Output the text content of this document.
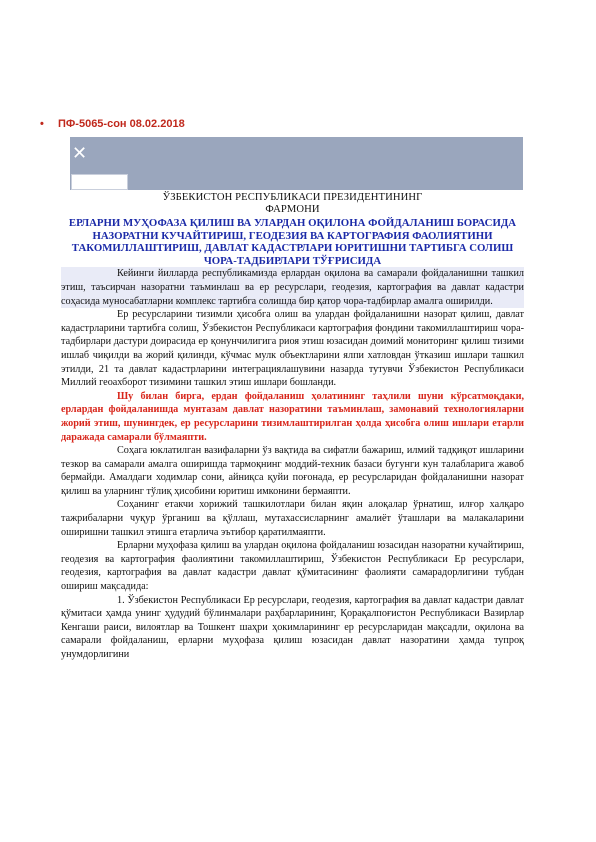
• ПФ-5065-сон 08.02.2018
✕
ЎЗБЕКИСТОН РЕСПУБЛИКАСИ ПРЕЗИДЕНТИНИНГ
ФАРМОНИ
ЕРЛАРНИ МУҲОФАЗА ҚИЛИШ ВА УЛАРДАН ОҚИЛОНА ФОЙДАЛАНИШ БОРАСИДА НАЗОРАТНИ КУЧАЙТИРИШ, ГЕОДЕЗИЯ ВА КАРТОГРАФИЯ ФАОЛИЯТИНИ ТАКОМИЛЛАШТИРИШ, ДАВЛАТ КАДАСТРЛАРИ ЮРИТИШНИ ТАРТИБГА СОЛИШ ЧОРА-ТАДБИРЛАРИ ТЎҒРИСИДА

Кейинги йилларда республикамизда ерлардан оқилона ва самарали фойдаланишни ташкил этиш, таъсирчан назоратни таъминлаш ва ер ресурслари, геодезия, картография ва давлат кадастри соҳасида муносабатларни комплекс тартибга солишда бир қатор чора-тадбирлар амалга оширилди.

Ер ресурсларини тизимли ҳисобга олиш ва улардан фойдаланишни назорат қилиш, давлат кадастрларини тартибга солиш, Ўзбекистон Республикаси картография фондини такомиллаштириш чора-тадбирлари дастури доирасида ер қонунчилигига риоя этиш юзасидан доимий мониторинг қилиш тизими ишлаб чиқилди ва жорий қилинди, кўчмас мулк объектларини ялпи хатловдан ўтказиш ишлари ташкил этилди, 21 та давлат кадастрларини интеграциялашувини назарда тутувчи Ўзбекистон Республикаси Миллий геоахборот тизимини ташкил этиш ишлари бошланди.

Шу билан бирга, ердан фойдаланиш ҳолатининг таҳлили шуни кўрсатмоқдаки, ерлардан фойдаланишда мунтазам давлат назоратини таъминлаш, замонавий технологияларни жорий этиш, шунингдек, ер ресурсларини тизимлаштирилган ҳолда ҳисобга олиш ишлари етарли даражада самарали бўлмаяпти.

Соҳага юклатилган вазифаларни ўз вақтида ва сифатли бажариш, илмий тадқиқот ишларини тезкор ва самарали амалга оширишда тармоқнинг моддий-техник базаси бугунги кун талабларига жавоб бермайди. Амалдаги ходимлар сони, айниқса қуйи поғонада, ер ресурсларидан фойдаланишни назорат қилиш ва уларнинг тўлиқ ҳисобини юритиш имконини бермаяпти.

Соҳанинг етакчи хорижий ташкилотлари билан яқин алоқалар ўрнатиш, илғор халқаро тажрибаларни чуқур ўрганиш ва қўллаш, мутахассисларнинг амалиёт ўташлари ва малакаларини оширишни ташкил этишга етарлича эътибор қаратилмаяпти.

Ерларни муҳофаза қилиш ва улардан оқилона фойдаланиш юзасидан назоратни кучайтириш, геодезия ва картография фаолиятини такомиллаштириш, Ўзбекистон Республикаси Ер ресурслари, геодезия, картография ва давлат кадастри давлат қўмитасининг фаолияти самарадорлигини тубдан ошириш мақсадида:

1. Ўзбекистон Республикаси Ер ресурслари, геодезия, картография ва давлат кадастри давлат қўмитаси ҳамда унинг ҳудудий бўлинмалари раҳбарларининг, Қорақалпоғистон Республикаси Вазирлар Кенгаши раиси, вилоятлар ва Тошкент шаҳри ҳокимларининг ер ресурсларидан мақсадли, оқилона ва самарали фойдаланиш, ерларни муҳофаза қилиш юзасидан давлат назоратини ҳамда тупроқ унумдорлигини
